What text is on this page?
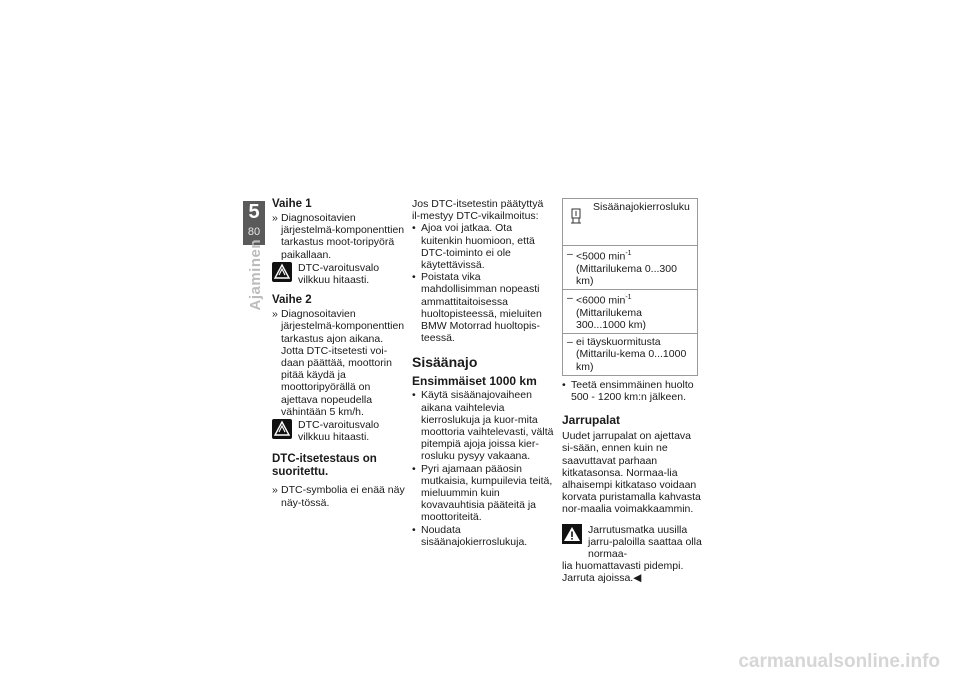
5
80
Ajaminen

Vaihe 1

» Diagnosoitavien järjestelmä-komponenttien tarkastus moot-toripyörä paikallaan.
DTC-varoitusvalo vilkkuu hitaasti.

Vaihe 2

» Diagnosoitavien järjestelmä-komponenttien tarkastus ajon aikana. Jotta DTC-itsetesti voi-daan päättää, moottorin pitää käydä ja moottoripyörällä on ajettava nopeudella vähintään 5 km/h.
DTC-varoitusvalo vilkkuu hitaasti.

DTC-itsetestaus on suoritettu.

» DTC-symbolia ei enää näy näy-tössä.

Jos DTC-itsetestin päätyttyä il-mestyy DTC-vikailmoitus:

• Ajoa voi jatkaa. Ota kuitenkin huomioon, että DTC-toiminto ei ole käytettävissä.
• Poistata vika mahdollisimman nopeasti ammattitaitoisessa huoltopisteessä, mieluiten BMW Motorrad huoltopis-teessä.

Sisäänajo

Ensimmäiset 1000 km

• Käytä sisäänajovaiheen aikana vaihtelevia kierroslukuja ja kuor-mita moottoria vaihtelevasti, vältä pitempiä ajoja joissa kier-rosluku pysyy vakaana.
• Pyri ajamaan pääosin mutkaisia, kumpuilevia teitä, mieluummin kuin kovavauhtisia pääteitä ja moottoriteitä.
• Noudata sisäänajokierroslukuja.
Sisäänajokierrosluku

– <5000 $\min^{-1}$ (Mittarilukema 0...300 km)

– <6000 $\min^{-1}$ (Mittarilukema 300...1000 km)

– ei täyskuormitusta (Mittarilu-kema 0...1000 km)
• Teetä ensimmäinen huolto 500 - 1200 km:n jälkeen.

Jarrupalat

Uudet jarrupalat on ajettava si-sään, ennen kuin ne saavuttavat parhaan kitkatasonsa. Normaa-lia alhaisempi kitkataso voidaan korvata puristamalla kahvasta nor-maalia voimakkaammin.

Jarrutusmatka uusilla jarru-paloilla saattaa olla normaa-

lia huomattavasti pidempi.

Jarruta ajoissa.◀

carmanualsonline.info
